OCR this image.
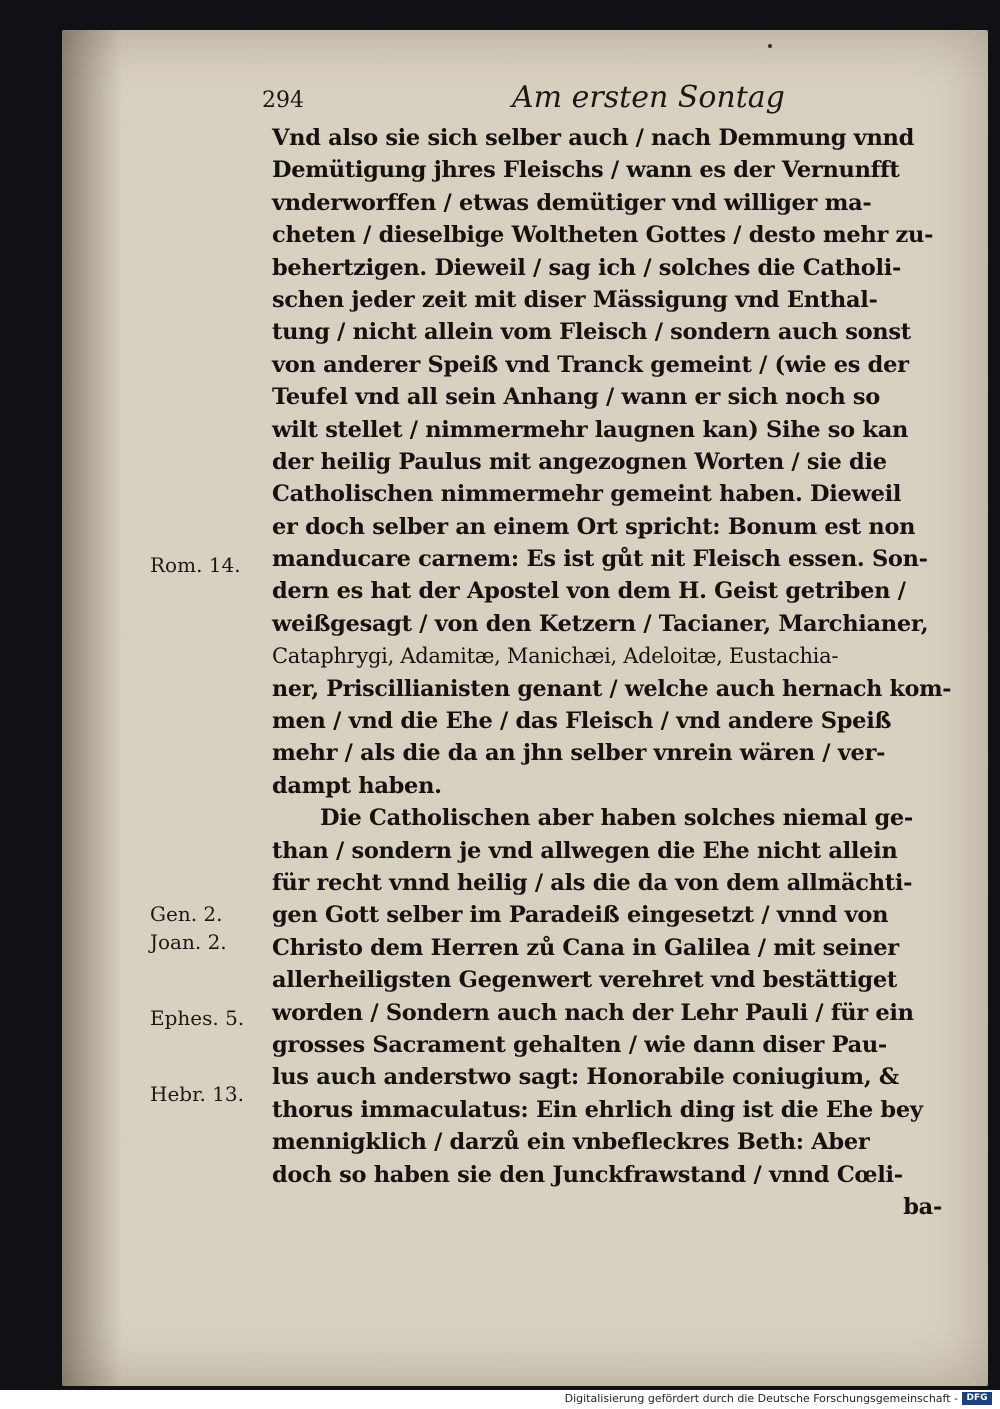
294	Am ersten Sontag
Vnd also sie sich selber auch / nach Demmung vnnd
Demütigung jhres Fleischs / wann es der Vernunfft
vnderworffen / etwas demütiger vnd williger ma-
cheten / dieselbige Woltheten Gottes / desto mehr zu-
behertzigen. Dieweil / sag ich / solches die Catholi-
schen jeder zeit mit diser Mässigung vnd Enthal-
tung / nicht allein vom Fleisch / sondern auch sonst
von anderer Speiß vnd Tranck gemeint / (wie es der
Teufel vnd all sein Anhang / wann er sich noch so
wilt stellet / nimmermehr laugnen kan) Sihe so kan
der heilig Paulus mit angezognen Worten / sie die
Catholischen nimmermehr gemeint haben. Dieweil
er doch selber an einem Ort spricht: Bonum est non
manducare carnem: Es ist gůt nit Fleisch essen. Son-
dern es hat der Apostel von dem H. Geist getriben /
weißgesagt / von den Ketzern / Tacianer, Marchianer,
Cataphrygi, Adamitæ, Manichæi, Adeloitæ, Eustachia-
ner, Priscillianisten genant / welche auch hernach kom-
men / vnd die Ehe / das Fleisch / vnd andere Speiß
mehr / als die da an jhn selber vnrein wären / ver-
dampt haben.
Die Catholischen aber haben solches niemal ge-
than / sondern je vnd allwegen die Ehe nicht allein
für recht vnnd heilig / als die da von dem allmächti-
gen Gott selber im Paradeiß eingesetzt / vnnd von
Christo dem Herren zů Cana in Galilea / mit seiner
allerheiligsten Gegenwert verehret vnd bestättiget
worden / Sondern auch nach der Lehr Pauli / für ein
grosses Sacrament gehalten / wie dann diser Pau-
lus auch anderstwo sagt: Honorabile coniugium, &
thorus immaculatus: Ein ehrlich ding ist die Ehe bey
mennigklich / darzů ein vnbefleckres Beth: Aber
doch so haben sie den Junckfrawstand / vnnd Cœli-
ba-
Rom. 14.
Gen. 2.
Joan. 2.
Ephes. 5.
Hebr. 13.
Digitalisierung gefördert durch die Deutsche Forschungsgemeinschaft - DFG
